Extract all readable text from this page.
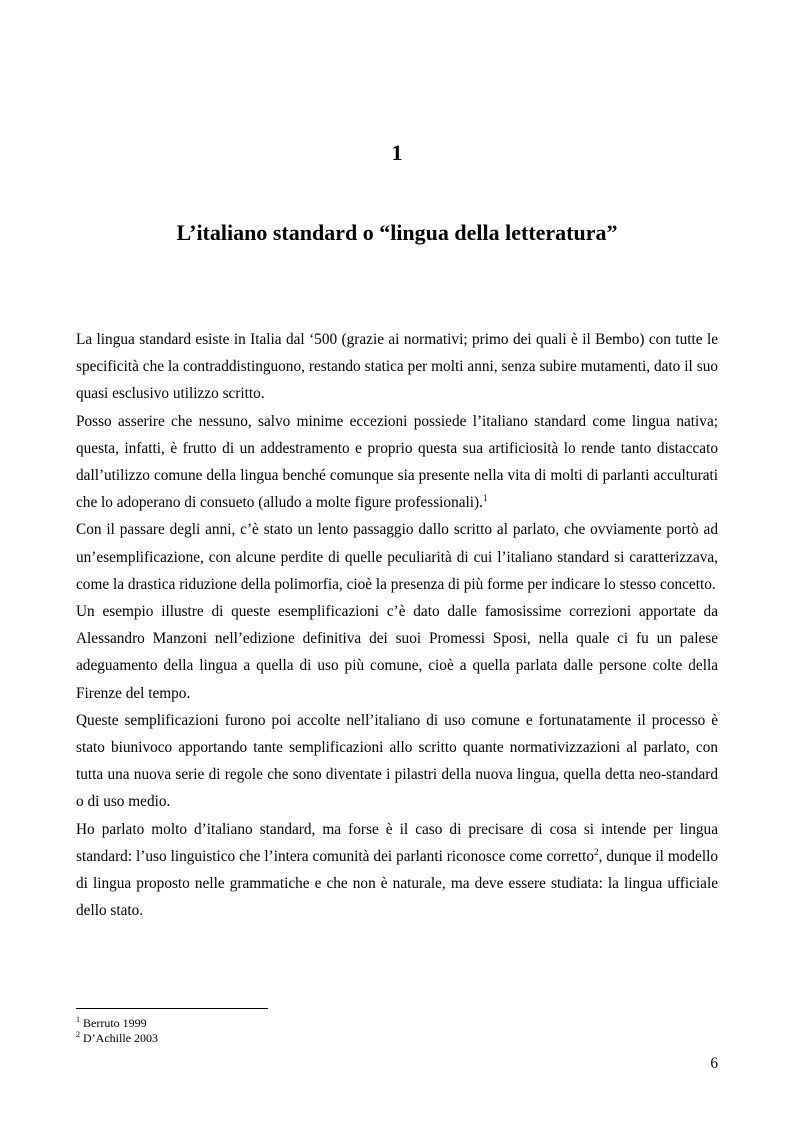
1
L’italiano standard o “lingua della letteratura”

La lingua standard esiste in Italia dal ‘500 (grazie ai normativi; primo dei quali è il Bembo) con tutte le specificità che la contraddistinguono, restando statica per molti anni, senza subire mutamenti, dato il suo quasi esclusivo utilizzo scritto.

Posso asserire che nessuno, salvo minime eccezioni possiede l’italiano standard come lingua nativa; questa, infatti, è frutto di un addestramento e proprio questa sua artificiosità lo rende tanto distaccato dall’utilizzo comune della lingua benché comunque sia presente nella vita di molti di parlanti acculturati che lo adoperano di consueto (alludo a molte figure professionali).$^1$

Con il passare degli anni, c’è stato un lento passaggio dallo scritto al parlato, che ovviamente portò ad un’esemplificazione, con alcune perdite di quelle peculiarità di cui l’italiano standard si caratterizzava, come la drastica riduzione della polimorfia, cioè la presenza di più forme per indicare lo stesso concetto.

Un esempio illustre di queste esemplificazioni c’è dato dalle famosissime correzioni apportate da Alessandro Manzoni nell’edizione definitiva dei suoi Promessi Sposi, nella quale ci fu un palese adeguamento della lingua a quella di uso più comune, cioè a quella parlata dalle persone colte della Firenze del tempo.

Queste semplificazioni furono poi accolte nell’italiano di uso comune e fortunatamente il processo è stato biunivoco apportando tante semplificazioni allo scritto quante normativizzazioni al parlato, con tutta una nuova serie di regole che sono diventate i pilastri della nuova lingua, quella detta neo-standard o di uso medio.

Ho parlato molto d’italiano standard, ma forse è il caso di precisare di cosa si intende per lingua standard: l’uso linguistico che l’intera comunità dei parlanti riconosce come corretto$^2$, dunque il modello di lingua proposto nelle grammatiche e che non è naturale, ma deve essere studiata: la lingua ufficiale dello stato.

$^1$ Berruto 1999
$^2$ D’Achille 2003
6
